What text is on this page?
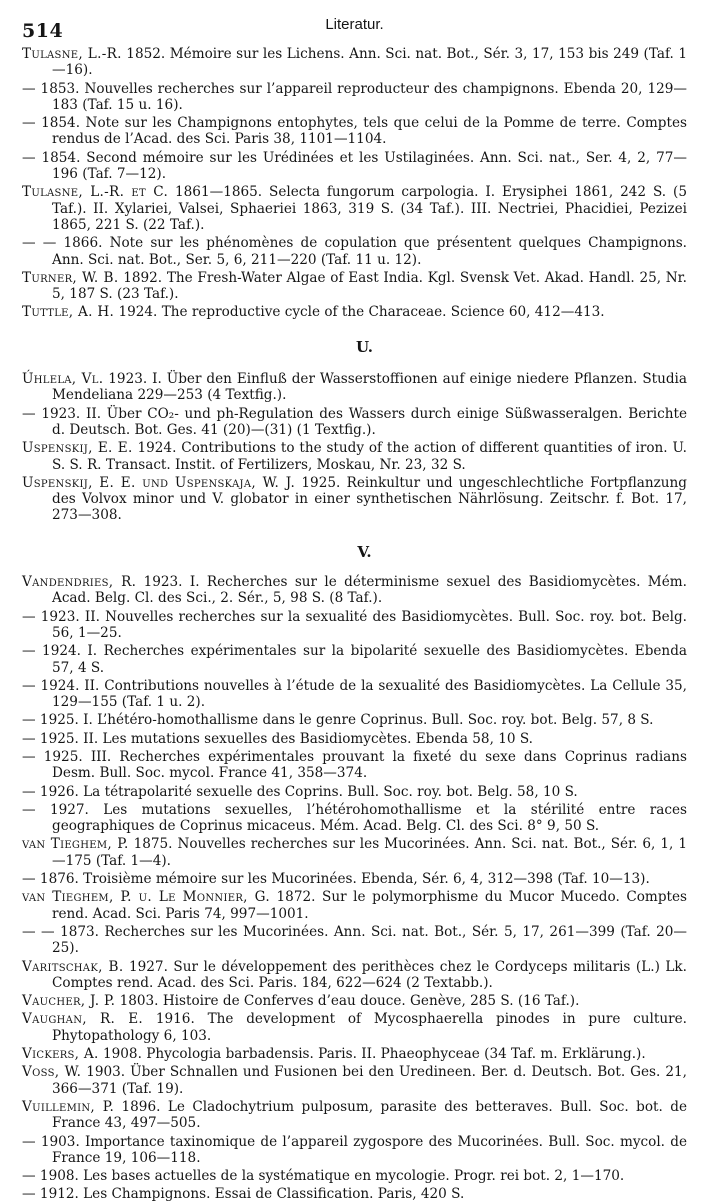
514	Literatur.

Tulasne, L.-R. 1852. Mémoire sur les Lichens. Ann. Sci. nat. Bot., Sér. 3, 17, 153 bis 249 (Taf. 1—16).

— 1853. Nouvelles recherches sur l’appareil reproducteur des champignons. Ebenda 20, 129—183 (Taf. 15 u. 16).

— 1854. Note sur les Champignons entophytes, tels que celui de la Pomme de terre. Comptes rendus de l’Acad. des Sci. Paris 38, 1101—1104.

— 1854. Second mémoire sur les Urédinées et les Ustilaginées. Ann. Sci. nat., Ser. 4, 2, 77—196 (Taf. 7—12).

Tulasne, L.-R. et C. 1861—1865. Selecta fungorum carpologia. I. Erysiphei 1861, 242 S. (5 Taf.). II. Xylariei, Valsei, Sphaeriei 1863, 319 S. (34 Taf.). III. Nectriei, Phacidiei, Pezizei 1865, 221 S. (22 Taf.).

— — 1866. Note sur les phénomènes de copulation que présentent quelques Champignons. Ann. Sci. nat. Bot., Ser. 5, 6, 211—220 (Taf. 11 u. 12).

Turner, W. B. 1892. The Fresh-Water Algae of East India. Kgl. Svensk Vet. Akad. Handl. 25, Nr. 5, 187 S. (23 Taf.).

Tuttle, A. H. 1924. The reproductive cycle of the Characeae. Science 60, 412—413.

U.

Úhlela, Vl. 1923. I. Über den Einfluß der Wasserstoffionen auf einige niedere Pflanzen. Studia Mendeliana 229—253 (4 Textfig.).

— 1923. II. Über CO₂- und ph-Regulation des Wassers durch einige Süßwasseralgen. Berichte d. Deutsch. Bot. Ges. 41 (20)—(31) (1 Textfig.).

Uspenskij, E. E. 1924. Contributions to the study of the action of different quantities of iron. U. S. S. R. Transact. Instit. of Fertilizers, Moskau, Nr. 23, 32 S.

Uspenskij, E. E. und Uspenskaja, W. J. 1925. Reinkultur und ungeschlechtliche Fortpflanzung des Volvox minor und V. globator in einer synthetischen Nährlösung. Zeitschr. f. Bot. 17, 273—308.

V.

Vandendries, R. 1923. I. Recherches sur le déterminisme sexuel des Basidiomycètes. Mém. Acad. Belg. Cl. des Sci., 2. Sér., 5, 98 S. (8 Taf.).

— 1923. II. Nouvelles recherches sur la sexualité des Basidiomycètes. Bull. Soc. roy. bot. Belg. 56, 1—25.

— 1924. I. Recherches expérimentales sur la bipolarité sexuelle des Basidiomycètes. Ebenda 57, 4 S.

— 1924. II. Contributions nouvelles à l’étude de la sexualité des Basidiomycètes. La Cellule 35, 129—155 (Taf. 1 u. 2).

— 1925. I. L’hétéro-homothallisme dans le genre Coprinus. Bull. Soc. roy. bot. Belg. 57, 8 S.

— 1925. II. Les mutations sexuelles des Basidiomycètes. Ebenda 58, 10 S.

— 1925. III. Recherches expérimentales prouvant la fixeté du sexe dans Coprinus radians Desm. Bull. Soc. mycol. France 41, 358—374.

— 1926. La tétrapolarité sexuelle des Coprins. Bull. Soc. roy. bot. Belg. 58, 10 S.

— 1927. Les mutations sexuelles, l’hétérohomothallisme et la stérilité entre races geographiques de Coprinus micaceus. Mém. Acad. Belg. Cl. des Sci. 8° 9, 50 S.

van Tieghem, P. 1875. Nouvelles recherches sur les Mucorinées. Ann. Sci. nat. Bot., Sér. 6, 1, 1—175 (Taf. 1—4).

— 1876. Troisième mémoire sur les Mucorinées. Ebenda, Sér. 6, 4, 312—398 (Taf. 10—13).

van Tieghem, P. u. Le Monnier, G. 1872. Sur le polymorphisme du Mucor Mucedo. Comptes rend. Acad. Sci. Paris 74, 997—1001.

— — 1873. Recherches sur les Mucorinées. Ann. Sci. nat. Bot., Sér. 5, 17, 261—399 (Taf. 20—25).

Varitschak, B. 1927. Sur le développement des perithèces chez le Cordyceps militaris (L.) Lk. Comptes rend. Acad. des Sci. Paris. 184, 622—624 (2 Textabb.).

Vaucher, J. P. 1803. Histoire de Conferves d’eau douce. Genève, 285 S. (16 Taf.).

Vaughan, R. E. 1916. The development of Mycosphaerella pinodes in pure culture. Phytopathology 6, 103.

Vickers, A. 1908. Phycologia barbadensis. Paris. II. Phaeophyceae (34 Taf. m. Erklärung.).

Voss, W. 1903. Über Schnallen und Fusionen bei den Uredineen. Ber. d. Deutsch. Bot. Ges. 21, 366—371 (Taf. 19).

Vuillemin, P. 1896. Le Cladochytrium pulposum, parasite des betteraves. Bull. Soc. bot. de France 43, 497—505.

— 1903. Importance taxinomique de l’appareil zygospore des Mucorinées. Bull. Soc. mycol. de France 19, 106—118.

— 1908. Les bases actuelles de la systématique en mycologie. Progr. rei bot. 2, 1—170.

— 1912. Les Champignons. Essai de Classification. Paris, 420 S.
